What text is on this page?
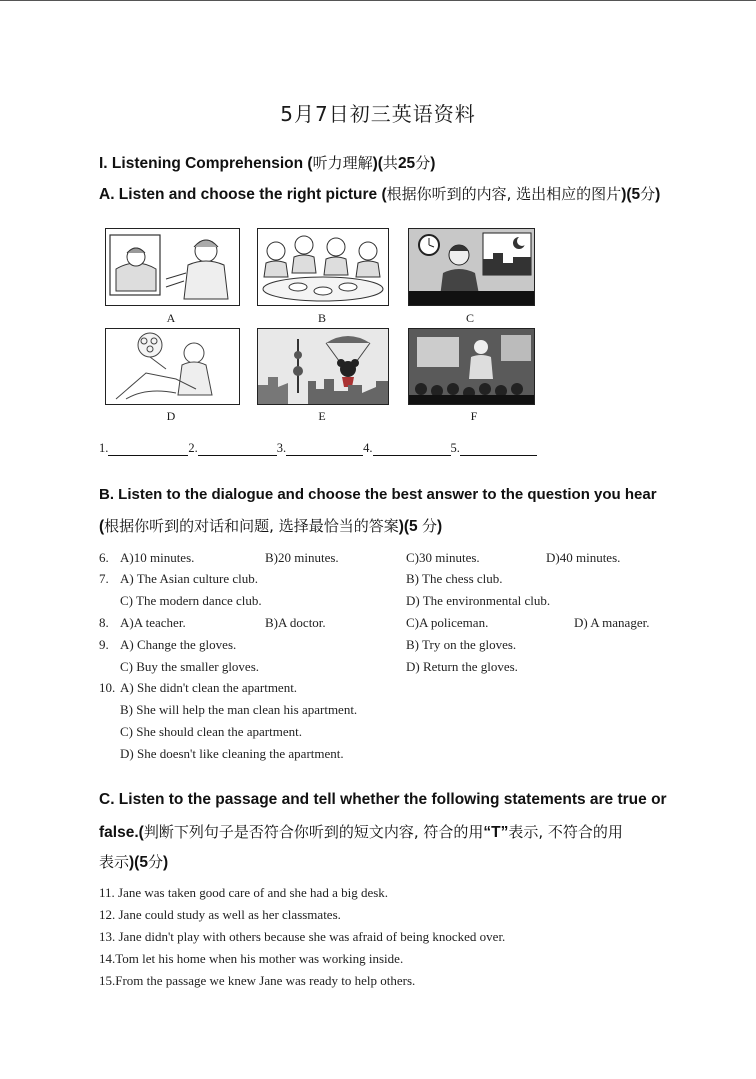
5月7日初三英语资料
I. Listening Comprehension (听力理解)(共25分)
A. Listen and choose the right picture (根据你听到的内容, 选出相应的图片)(5分)
A	B	C
D	E	F
1.	2.	3.	4.	5.
B. Listen to the dialogue and choose the best answer to the question you hear
(根据你听到的对话和问题, 选择最恰当的答案)(5 分)
6. A)10 minutes.	B)20 minutes.	C)30 minutes.	D)40 minutes.
7. A) The Asian culture club.	B) The chess club.
C) The modern dance club.	D) The environmental club.
8. A)A teacher.	B)A doctor.	C)A policeman.	D) A manager.
9. A) Change the gloves.	B) Try on the gloves.
C) Buy the smaller gloves.	D) Return the gloves.
10. A) She didn't clean the apartment.
B) She will help the man clean his apartment.
C) She should clean the apartment.
D) She doesn't like cleaning the apartment.
C. Listen to the passage and tell whether the following statements are true or
false.(判断下列句子是否符合你听到的短文内容, 符合的用“T”表示, 不符合的用
表示)(5分)
11. Jane was taken good care of and she had a big desk.
12. Jane could study as well as her classmates.
13. Jane didn't play with others because she was afraid of being knocked over.
14.Tom let his home when his mother was working inside.
15.From the passage we knew Jane was ready to help others.
